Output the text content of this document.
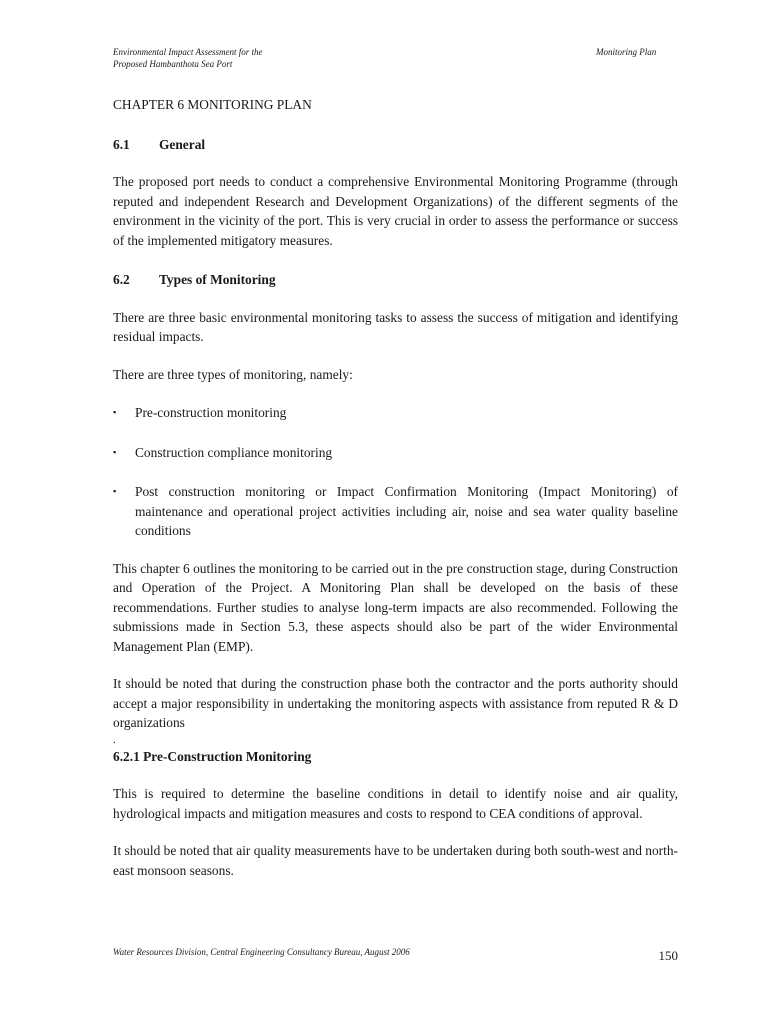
Environmental Impact Assessment for the
Proposed Hambanthota Sea Port
Monitoring Plan
CHAPTER 6 MONITORING PLAN
6.1 General

The proposed port needs to conduct a comprehensive Environmental Monitoring Programme (through reputed and independent Research and Development Organizations) of the different segments of the environment in the vicinity of the port. This is very crucial in order to assess the performance or success of the implemented mitigatory measures.

6.2 Types of Monitoring

There are three basic environmental monitoring tasks to assess the success of mitigation and identifying residual impacts.

There are three types of monitoring, namely:

▪ Pre-construction monitoring
▪ Construction compliance monitoring
▪ Post construction monitoring or Impact Confirmation Monitoring (Impact Monitoring) of maintenance and operational project activities including air, noise and sea water quality baseline conditions

This chapter 6 outlines the monitoring to be carried out in the pre construction stage, during Construction and Operation of the Project. A Monitoring Plan shall be developed on the basis of these recommendations. Further studies to analyse long-term impacts are also recommended. Following the submissions made in Section 5.3, these aspects should also be part of the wider Environmental Management Plan (EMP).

It should be noted that during the construction phase both the contractor and the ports authority should accept a major responsibility in undertaking the monitoring aspects with assistance from reputed R & D organizations

.

6.2.1 Pre-Construction Monitoring

This is required to determine the baseline conditions in detail to identify noise and air quality, hydrological impacts and mitigation measures and costs to respond to CEA conditions of approval.

It should be noted that air quality measurements have to be undertaken during both south-west and north-east monsoon seasons.

Water Resources Division, Central Engineering Consultancy Bureau, August 2006	150
